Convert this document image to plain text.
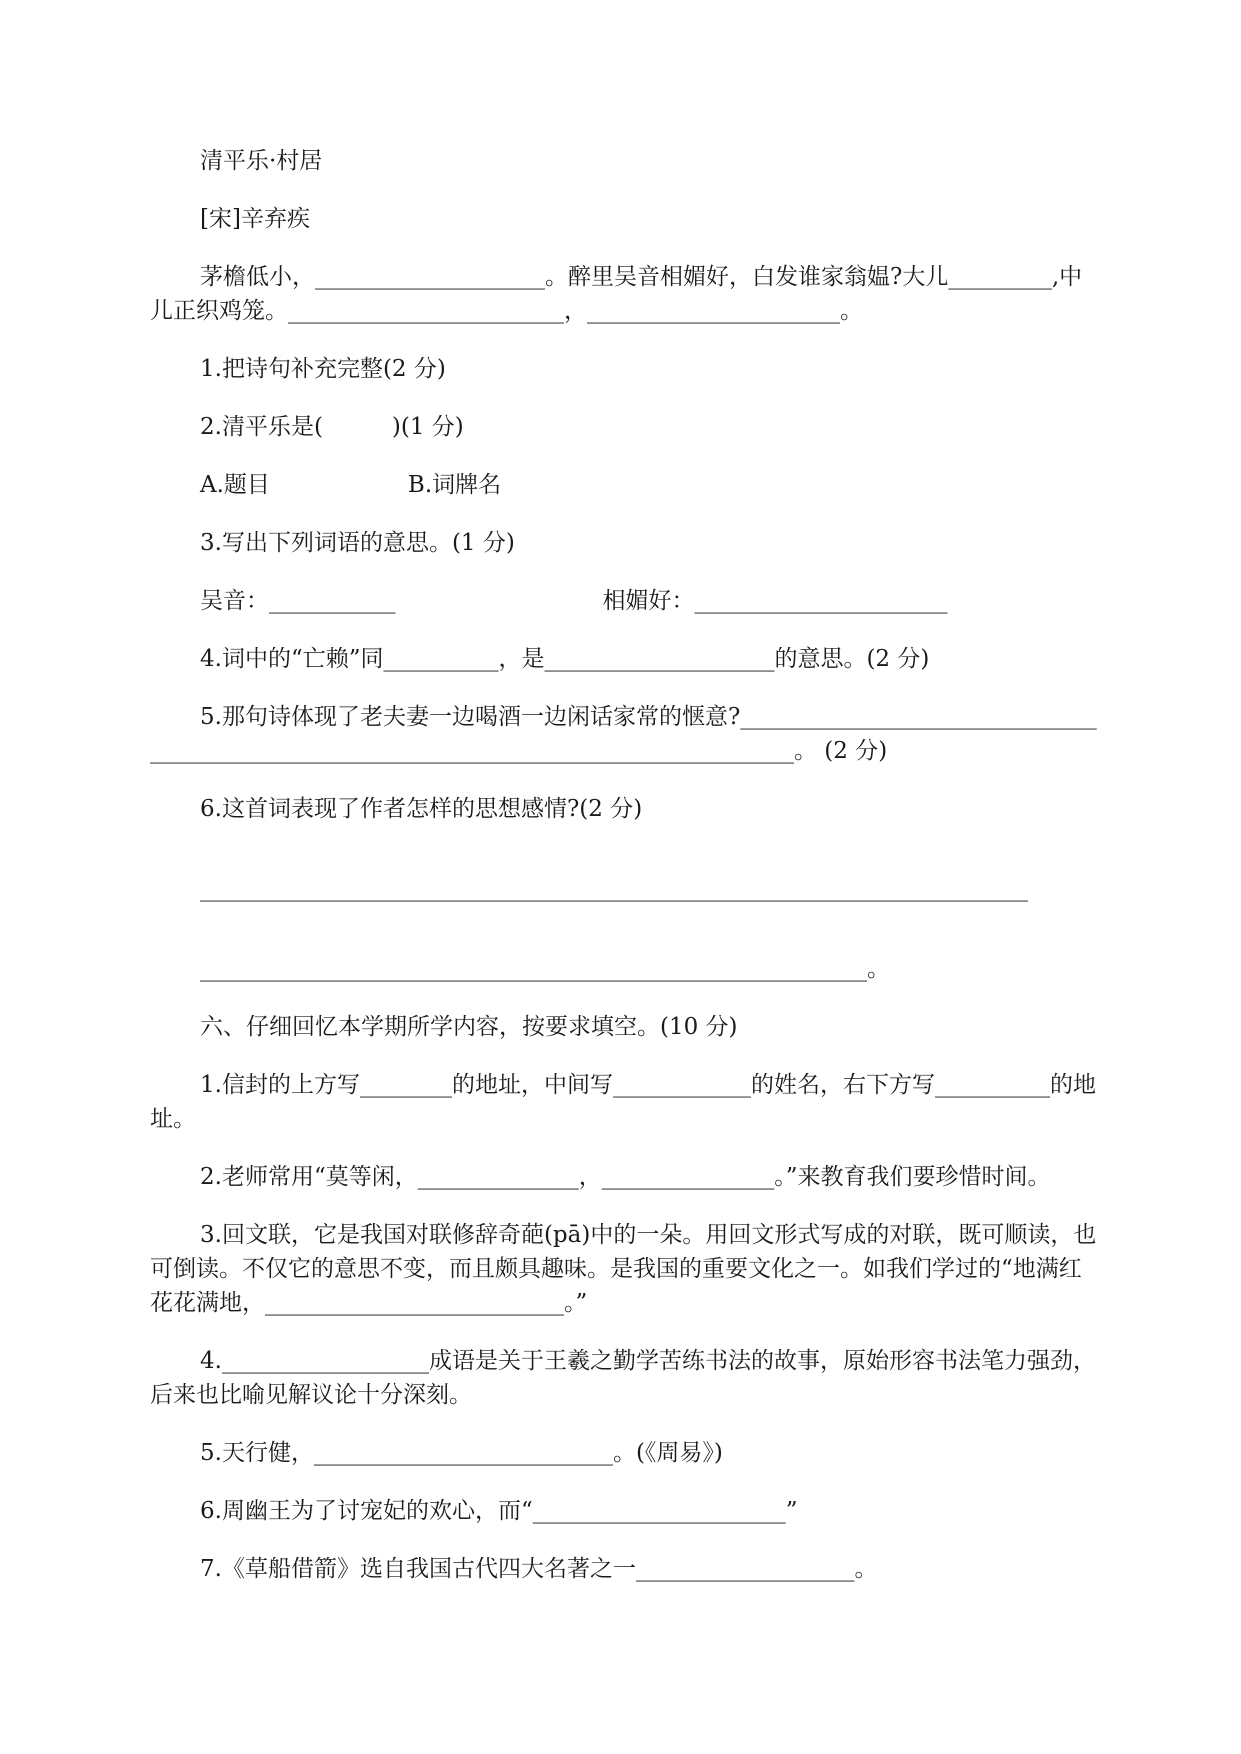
清平乐·村居

[宋]辛弃疾

茅檐低小，____________________。醉里吴音相媚好，白发谁家翁媪?大儿_________,中儿正织鸡笼。________________________，______________________。

1.把诗句补充完整(2 分)

2.清平乐是(　　　)(1 分)

A.题目　　　　　　B.词牌名

3.写出下列词语的意思。(1 分)

吴音：___________　　　　　　　　　相媚好：______________________

4.词中的“亡赖”同__________，是____________________的意思。(2 分)

5.那句诗体现了老夫妻一边喝酒一边闲话家常的惬意?_______________________________________________________________________________________。 (2 分)

6.这首词表现了作者怎样的思想感情?(2 分)

________________________________________________________________________

__________________________________________________________。

六、仔细回忆本学期所学内容，按要求填空。(10 分)

1.信封的上方写________的地址，中间写____________的姓名，右下方写__________的地址。

2.老师常用“莫等闲，______________，_______________。”来教育我们要珍惜时间。

3.回文联，它是我国对联修辞奇葩(pā)中的一朵。用回文形式写成的对联，既可顺读，也可倒读。不仅它的意思不变，而且颇具趣味。是我国的重要文化之一。如我们学过的“地满红花花满地，__________________________。”

4.__________________成语是关于王羲之勤学苦练书法的故事，原始形容书法笔力强劲，后来也比喻见解议论十分深刻。

5.天行健，__________________________。(《周易》)

6.周幽王为了讨宠妃的欢心，而“______________________”

7.《草船借箭》选自我国古代四大名著之一___________________。
